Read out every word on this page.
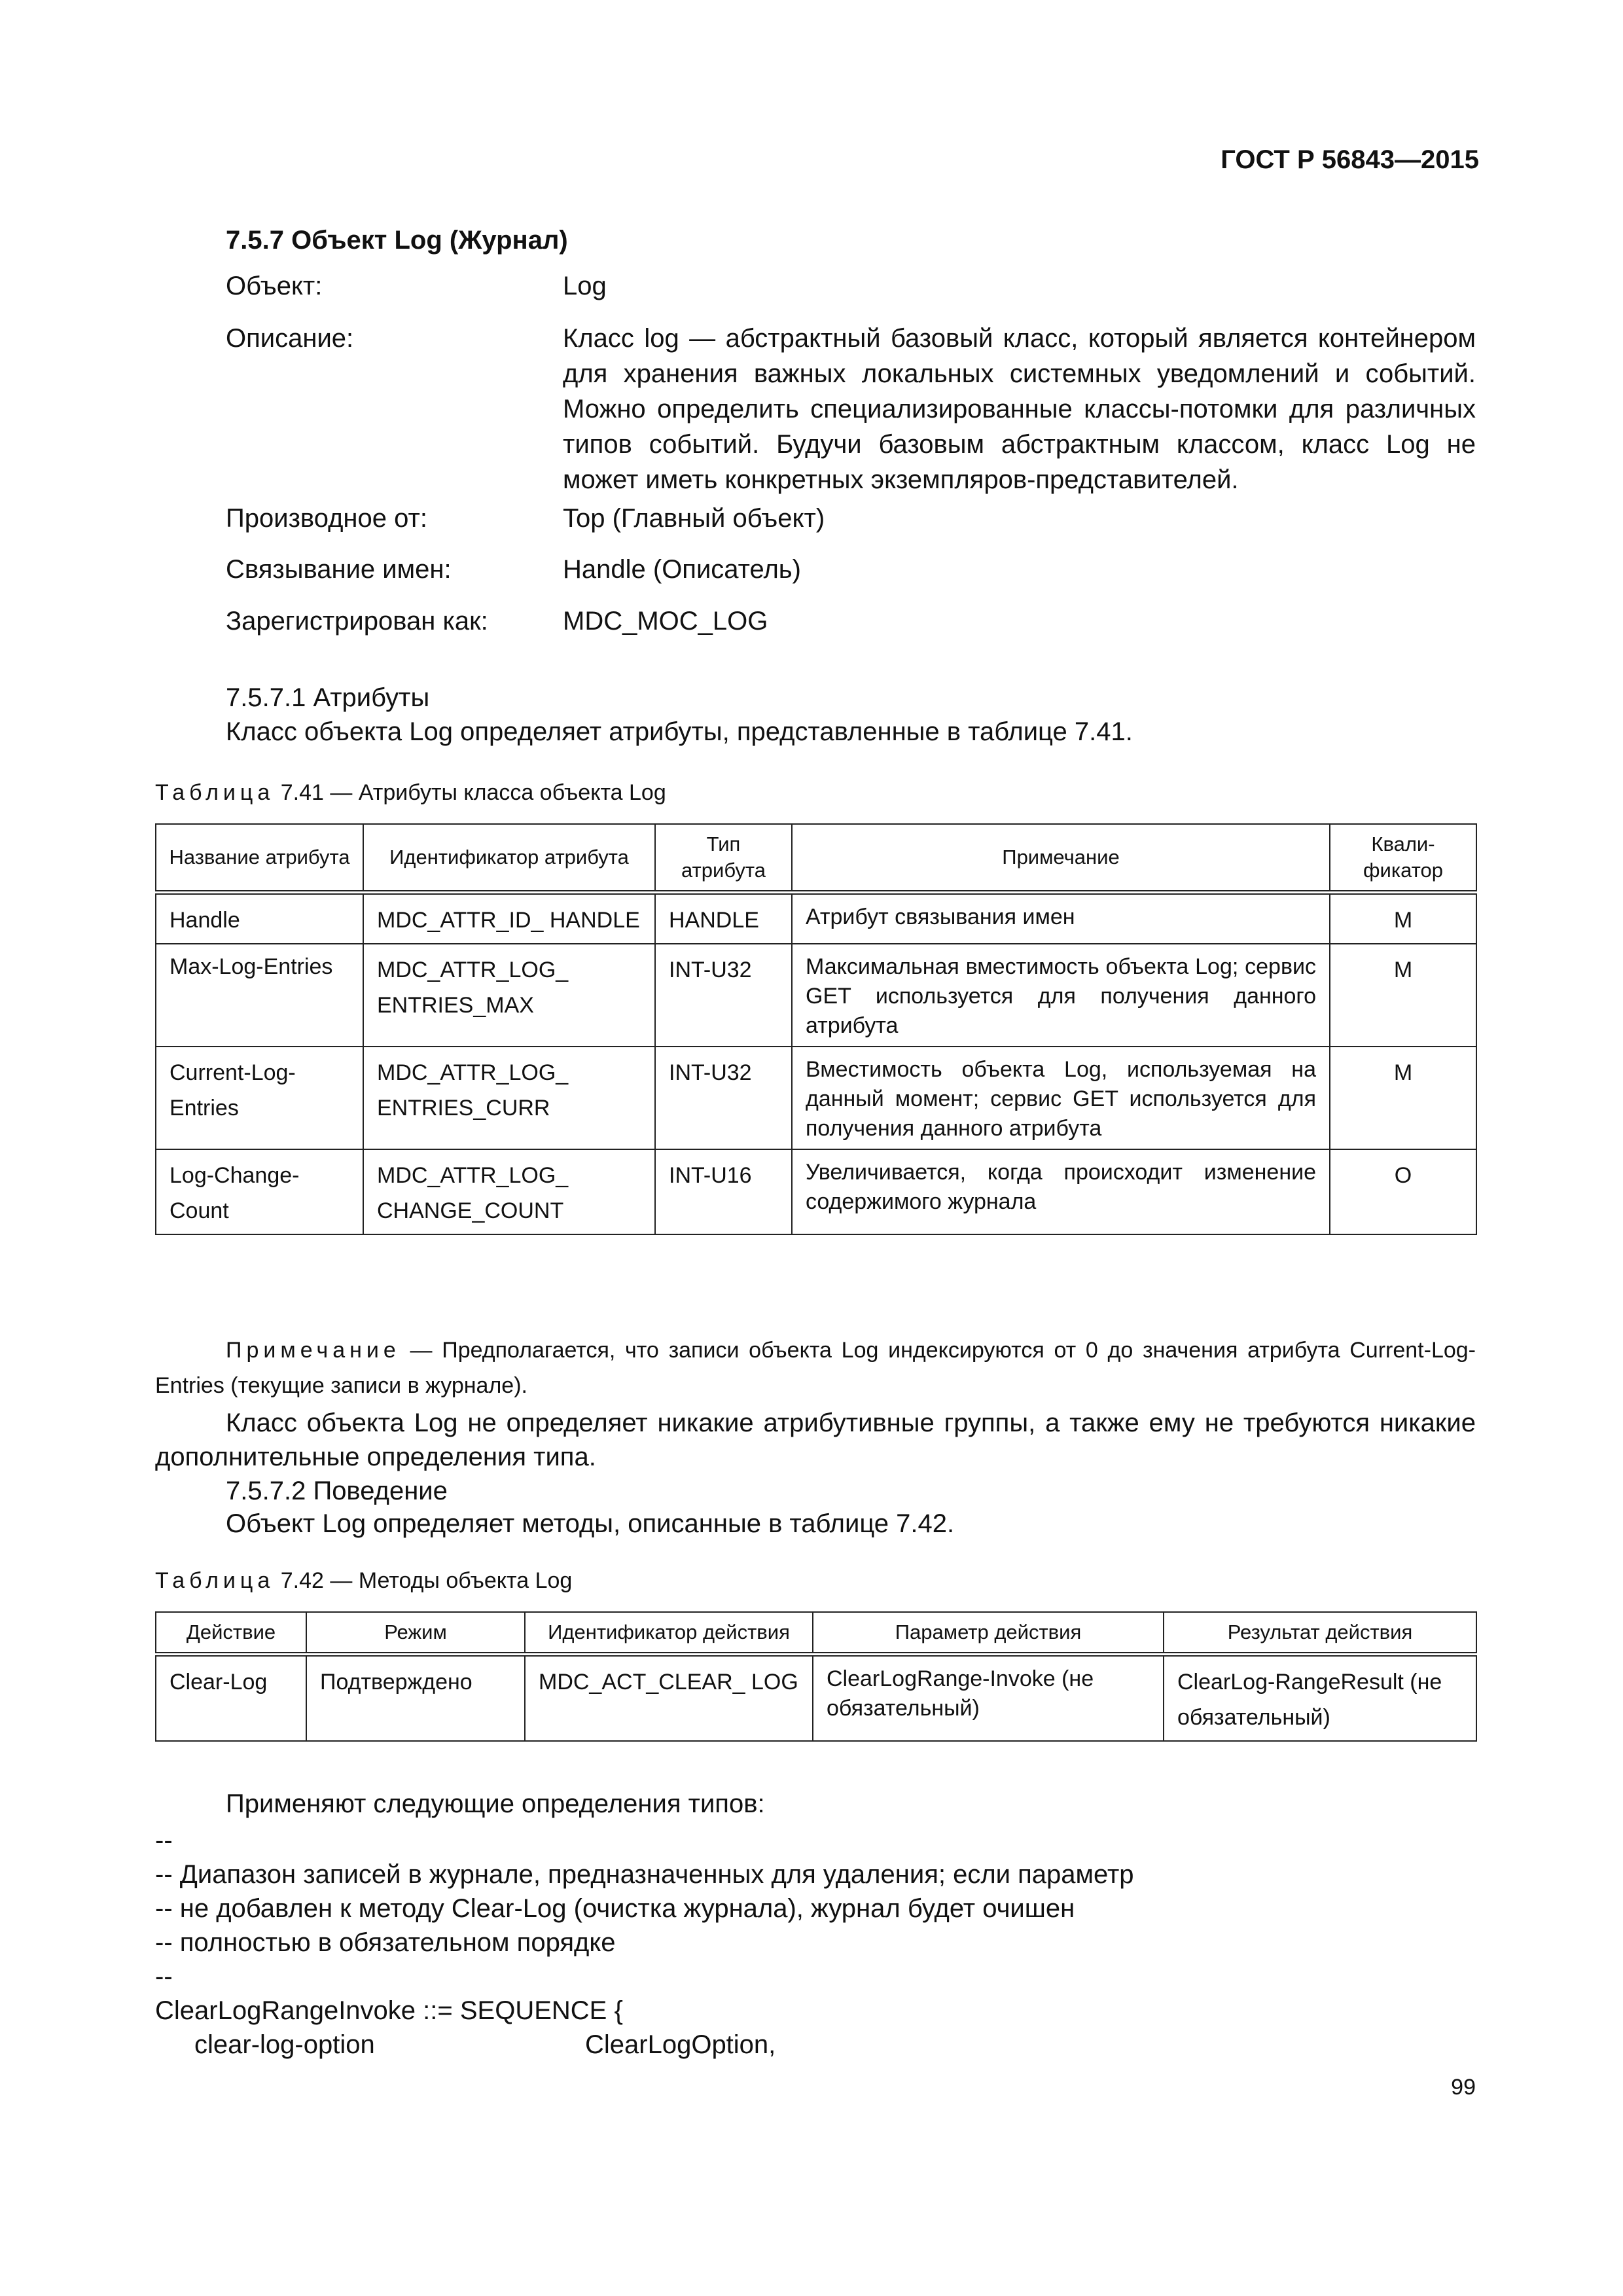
ГОСТ Р 56843—2015
7.5.7 Объект Log (Журнал)
Объект:	Log
Описание:	Класс log — абстрактный базовый класс, который является контейнером для хранения важных локальных системных уведомлений и событий. Можно определить специализированные классы-потомки для различных типов событий. Будучи базовым абстрактным классом, класс Log не может иметь конкретных экземпляров-представителей.
Производное от:	Top (Главный объект)
Связывание имен:	Handle (Описатель)
Зарегистрирован как:	MDC_MOC_LOG
7.5.7.1 Атрибуты
Класс объекта Log определяет атрибуты, представленные в таблице 7.41.
Таблица 7.41 — Атрибуты класса объекта Log
Название атрибута	Идентификатор атрибута	Тип атрибута	Примечание	Квали-фикатор
Handle	MDC_ATTR_ID_ HANDLE	HANDLE	Атрибут связывания имен	M
Max-Log-Entries	MDC_ATTR_LOG_ ENTRIES_MAX	INT-U32	Максимальная вместимость объекта Log; сервис GET используется для получения данного атрибута	M
Current-Log-Entries	MDC_ATTR_LOG_ ENTRIES_CURR	INT-U32	Вместимость объекта Log, используемая на данный момент; сервис GET используется для получения данного атрибута	M
Log-Change-Count	MDC_ATTR_LOG_ CHANGE_COUNT	INT-U16	Увеличивается, когда происходит изменение содержимого журнала	O
Примечание — Предполагается, что записи объекта Log индексируются от 0 до значения атрибута Current-Log-Entries (текущие записи в журнале).
Класс объекта Log не определяет никакие атрибутивные группы, а также ему не требуются никакие дополнительные определения типа.
7.5.7.2 Поведение
Объект Log определяет методы, описанные в таблице 7.42.
Таблица 7.42 — Методы объекта Log
Действие	Режим	Идентификатор действия	Параметр действия	Результат действия
Clear-Log	Подтверждено	MDC_ACT_CLEAR_ LOG	ClearLogRange-Invoke (не обязательный)	ClearLog-RangeResult (не обязательный)
Применяют следующие определения типов:
--
-- Диапазон записей в журнале, предназначенных для удаления; если параметр
-- не добавлен к методу Clear-Log (очистка журнала), журнал будет очишен
-- полностью в обязательном порядке
--
ClearLogRangeInvoke ::= SEQUENCE {
clear-log-option	ClearLogOption,
99
